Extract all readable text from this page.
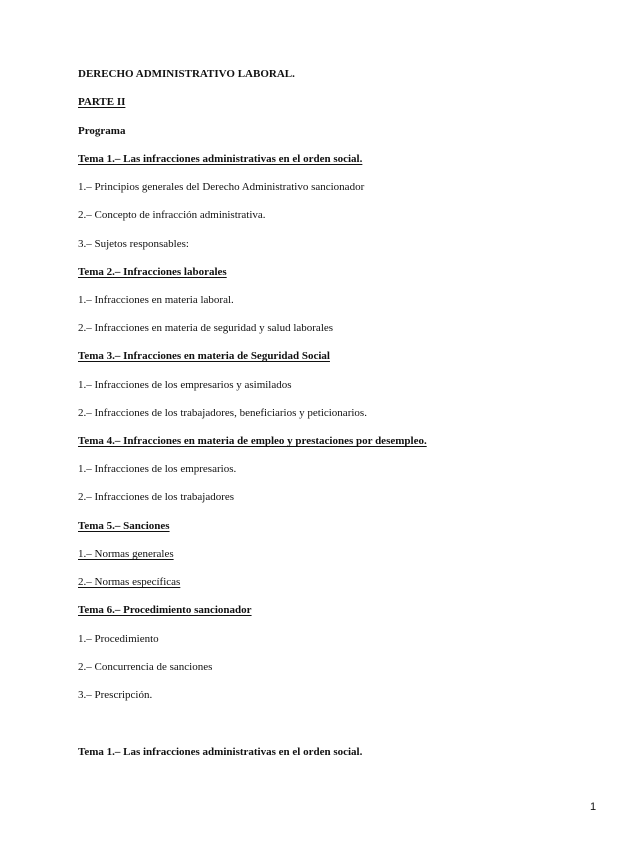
DERECHO ADMINISTRATIVO LABORAL.
PARTE II
Programa
Tema 1.– Las infracciones administrativas en el orden social.
1.– Principios generales del Derecho Administrativo sancionador
2.– Concepto de infracción administrativa.
3.– Sujetos responsables:
Tema 2.– Infracciones laborales
1.– Infracciones en materia laboral.
2.– Infracciones en materia de seguridad y salud laborales
Tema 3.– Infracciones en materia de Seguridad Social
1.– Infracciones de los empresarios y asimilados
2.– Infracciones de los trabajadores, beneficiarios y peticionarios.
Tema 4.– Infracciones en materia de empleo y prestaciones por desempleo.
1.– Infracciones de los empresarios.
2.– Infracciones de los trabajadores
Tema 5.– Sanciones
1.– Normas generales
2.– Normas específicas
Tema 6.– Procedimiento sancionador
1.– Procedimiento
2.– Concurrencia de sanciones
3.– Prescripción.
Tema 1.– Las infracciones administrativas en el orden social.
1
